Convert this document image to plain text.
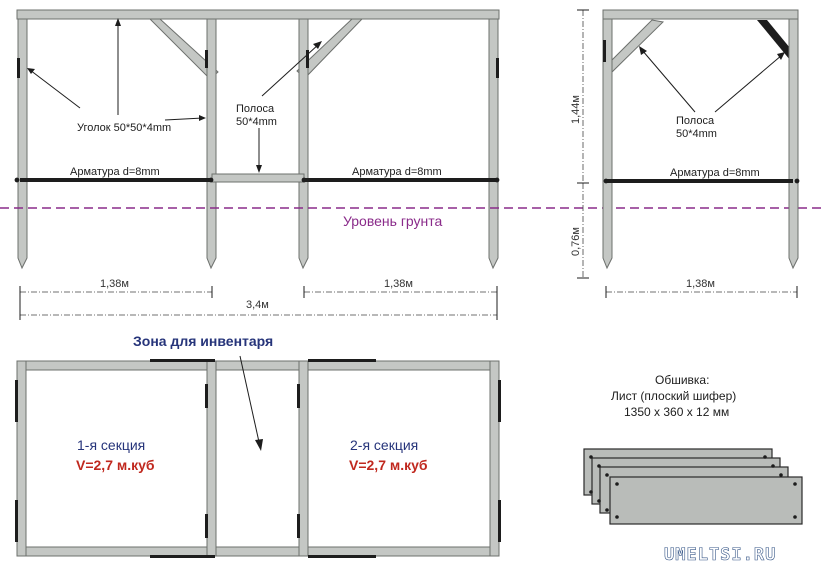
Уголок 50*50*4mm
Полоса
50*4mm
Арматура d=8mm	Арматура d=8mm
1,38м	1,38м
3,4м
Уровень грунта
Полоса
50*4mm
Арматура d=8mm
1,44м
0,76м
1,38м
Зона для инвентаря
1-я секция
V=2,7 м.куб
2-я секция
V=2,7 м.куб
Обшивка:
Лист (плоский шифер)
1350 х 360 х 12 мм
UMELTSI.RU
